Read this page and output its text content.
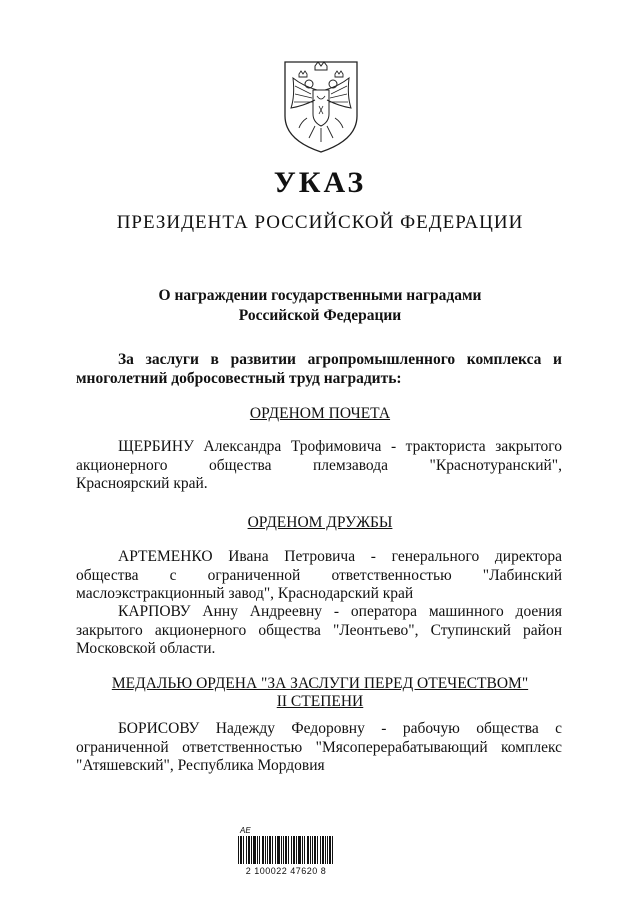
УКАЗ
ПРЕЗИДЕНТА РОССИЙСКОЙ ФЕДЕРАЦИИ
О награждении государственными наградами
Российской Федерации
За заслуги в развитии агропромышленного комплекса и
многолетний добросовестный труд наградить:
ОРДЕНОМ ПОЧЕТА
ЩЕРБИНУ Александра Трофимовича - тракториста закрытого
акционерного общества племзавода "Краснотуранский",
Красноярский край.
ОРДЕНОМ ДРУЖБЫ
АРТЕМЕНКО Ивана Петровича - генерального директора
общества с ограниченной ответственностью "Лабинский
маслоэкстракционный завод", Краснодарский край
КАРПОВУ Анну Андреевну - оператора машинного доения
закрытого акционерного общества "Леонтьево", Ступинский район
Московской области.
МЕДАЛЬЮ ОРДЕНА "ЗА ЗАСЛУГИ ПЕРЕД ОТЕЧЕСТВОМ"
II СТЕПЕНИ
БОРИСОВУ Надежду Федоровну - рабочую общества с
ограниченной ответственностью "Мясоперерабатывающий комплекс
"Атяшевский", Республика Мордовия
АЕ
2 100022 47620 8
